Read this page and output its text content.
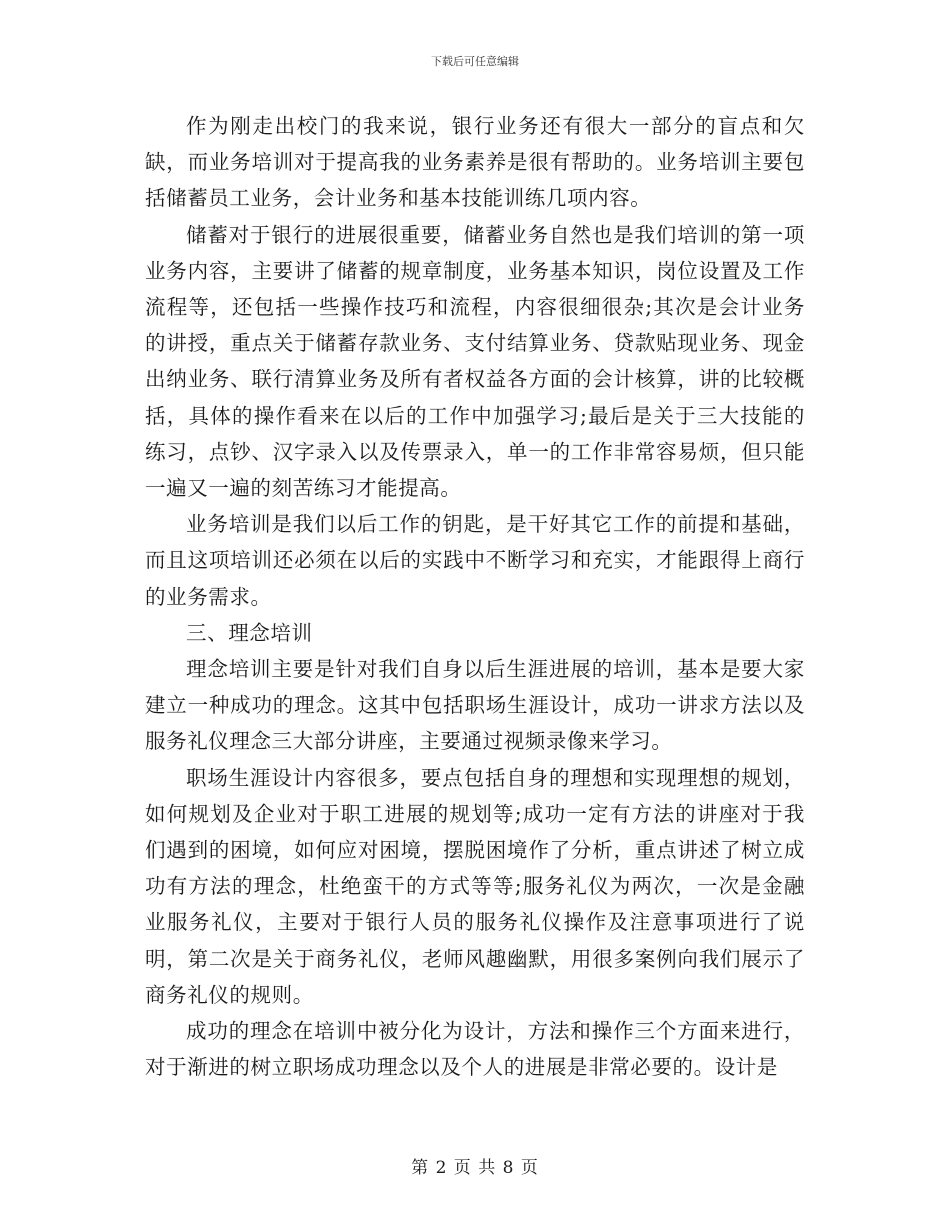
下载后可任意编辑

作为刚走出校门的我来说，银行业务还有很大一部分的盲点和欠缺，而业务培训对于提高我的业务素养是很有帮助的。业务培训主要包括储蓄员工业务，会计业务和基本技能训练几项内容。

储蓄对于银行的进展很重要，储蓄业务自然也是我们培训的第一项业务内容，主要讲了储蓄的规章制度，业务基本知识，岗位设置及工作流程等，还包括一些操作技巧和流程，内容很细很杂;其次是会计业务的讲授，重点关于储蓄存款业务、支付结算业务、贷款贴现业务、现金出纳业务、联行清算业务及所有者权益各方面的会计核算，讲的比较概括，具体的操作看来在以后的工作中加强学习;最后是关于三大技能的练习，点钞、汉字录入以及传票录入，单一的工作非常容易烦，但只能一遍又一遍的刻苦练习才能提高。

业务培训是我们以后工作的钥匙，是干好其它工作的前提和基础，而且这项培训还必须在以后的实践中不断学习和充实，才能跟得上商行的业务需求。

三、理念培训

理念培训主要是针对我们自身以后生涯进展的培训，基本是要大家建立一种成功的理念。这其中包括职场生涯设计，成功一讲求方法以及服务礼仪理念三大部分讲座，主要通过视频录像来学习。

职场生涯设计内容很多，要点包括自身的理想和实现理想的规划，如何规划及企业对于职工进展的规划等;成功一定有方法的讲座对于我们遇到的困境，如何应对困境，摆脱困境作了分析，重点讲述了树立成功有方法的理念，杜绝蛮干的方式等等;服务礼仪为两次，一次是金融业服务礼仪，主要对于银行人员的服务礼仪操作及注意事项进行了说明，第二次是关于商务礼仪，老师风趣幽默，用很多案例向我们展示了商务礼仪的规则。

成功的理念在培训中被分化为设计，方法和操作三个方面来进行，对于渐进的树立职场成功理念以及个人的进展是非常必要的。设计是

第 2 页 共 8 页
